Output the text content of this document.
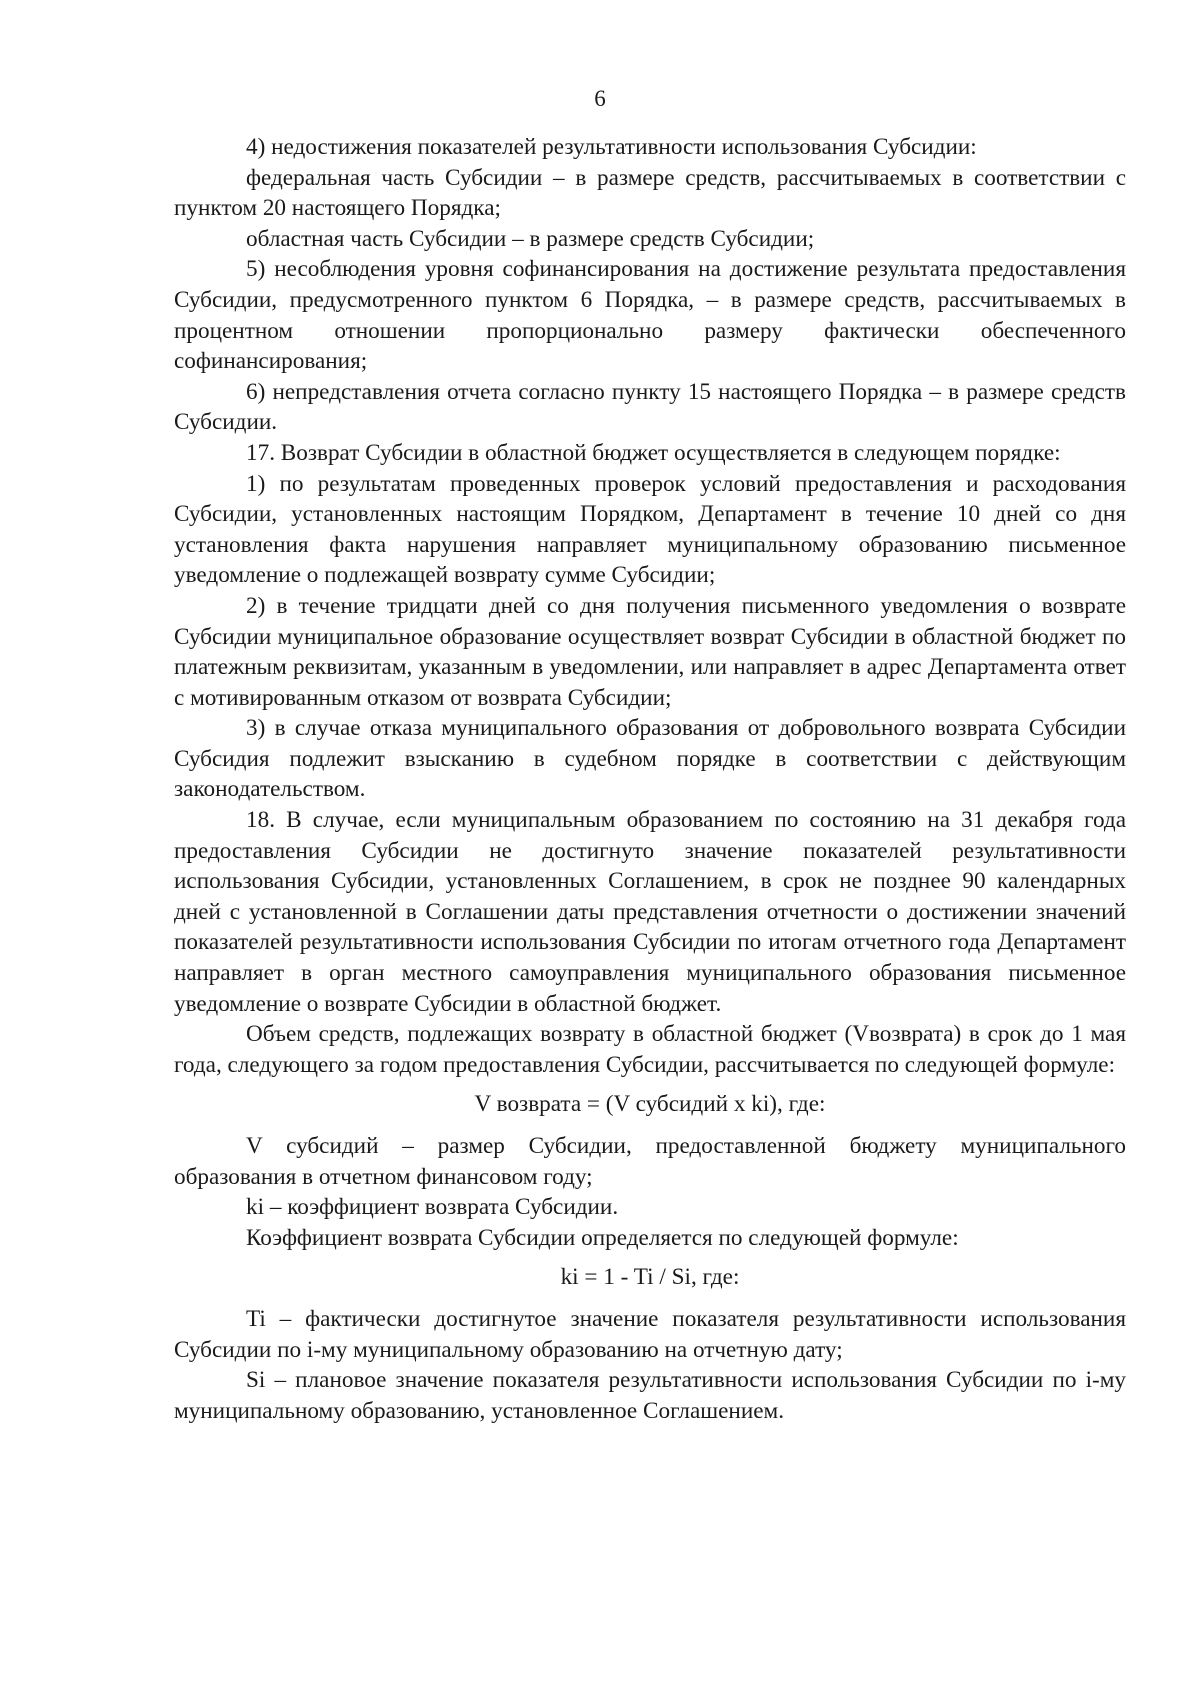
6

4) недостижения показателей результативности использования Субсидии:

федеральная часть Субсидии – в размере средств, рассчитываемых в соответствии с пунктом 20 настоящего Порядка;

областная часть Субсидии – в размере средств Субсидии;

5) несоблюдения уровня софинансирования на достижение результата предоставления Субсидии, предусмотренного пунктом 6 Порядка, – в размере средств, рассчитываемых в процентном отношении пропорционально размеру фактически обеспеченного софинансирования;

6) непредставления отчета согласно пункту 15 настоящего Порядка – в размере средств Субсидии.

17. Возврат Субсидии в областной бюджет осуществляется в следующем порядке:

1) по результатам проведенных проверок условий предоставления и расходования Субсидии, установленных настоящим Порядком, Департамент в течение 10 дней со дня установления факта нарушения направляет муниципальному образованию письменное уведомление о подлежащей возврату сумме Субсидии;

2) в течение тридцати дней со дня получения письменного уведомления о возврате Субсидии муниципальное образование осуществляет возврат Субсидии в областной бюджет по платежным реквизитам, указанным в уведомлении, или направляет в адрес Департамента ответ с мотивированным отказом от возврата Субсидии;

3) в случае отказа муниципального образования от добровольного возврата Субсидии Субсидия подлежит взысканию в судебном порядке в соответствии с действующим законодательством.

18. В случае, если муниципальным образованием по состоянию на 31 декабря года предоставления Субсидии не достигнуто значение показателей результативности использования Субсидии, установленных Соглашением, в срок не позднее 90 календарных дней с установленной в Соглашении даты представления отчетности о достижении значений показателей результативности использования Субсидии по итогам отчетного года Департамент направляет в орган местного самоуправления муниципального образования письменное уведомление о возврате Субсидии в областной бюджет.

Объем средств, подлежащих возврату в областной бюджет (Vвозврата) в срок до 1 мая года, следующего за годом предоставления Субсидии, рассчитывается по следующей формуле:

V возврата = (V субсидий x ki), где:

V субсидий – размер Субсидии, предоставленной бюджету муниципального образования в отчетном финансовом году;

ki – коэффициент возврата Субсидии.

Коэффициент возврата Субсидии определяется по следующей формуле:

ki = 1 - Ti / Si, где:

Ti – фактически достигнутое значение показателя результативности использования Субсидии по i-му муниципальному образованию на отчетную дату;

Si – плановое значение показателя результативности использования Субсидии по i-му муниципальному образованию, установленное Соглашением.
